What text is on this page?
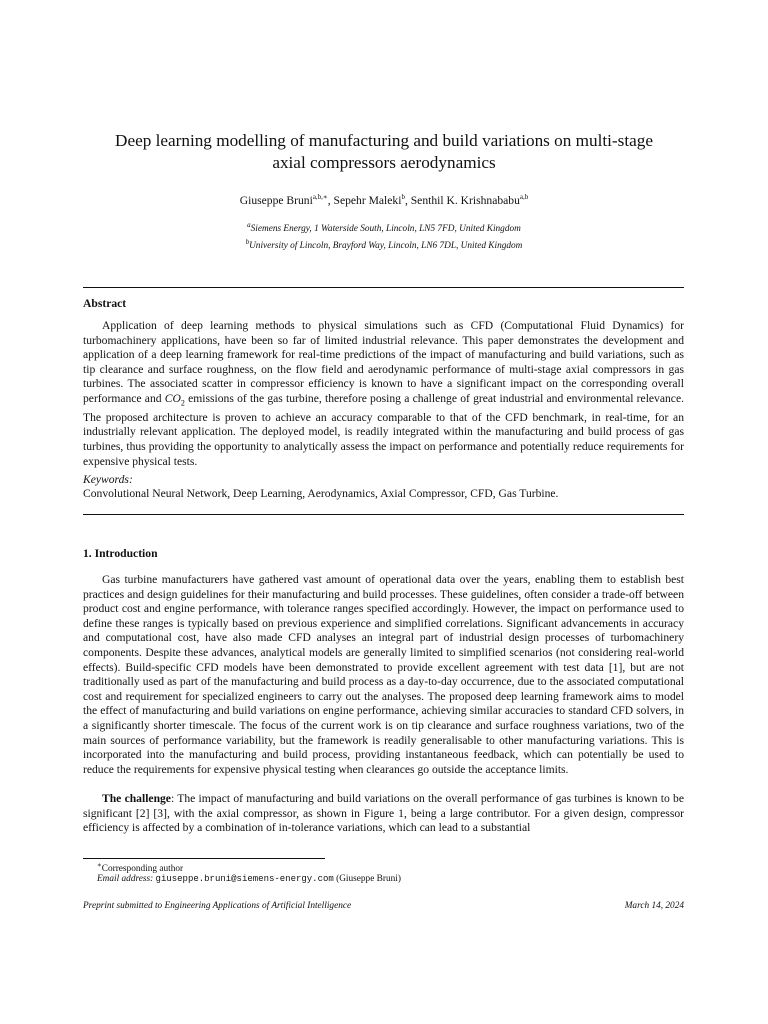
Deep learning modelling of manufacturing and build variations on multi-stage
axial compressors aerodynamics
Giuseppe Bruni$^{a,b,∗}$, Sepehr Maleki$^b$, Senthil K. Krishnababu$^{a,b}$
$^a$Siemens Energy, 1 Waterside South, Lincoln, LN5 7FD, United Kingdom
$^b$University of Lincoln, Brayford Way, Lincoln, LN6 7DL, United Kingdom
Abstract
Application of deep learning methods to physical simulations such as CFD (Computational Fluid Dynamics) for turbomachinery applications, have been so far of limited industrial relevance. This paper demonstrates the development and application of a deep learning framework for real-time predictions of the impact of manufacturing and build variations, such as tip clearance and surface roughness, on the flow field and aerodynamic performance of multi-stage axial compressors in gas turbines. The associated scatter in compressor efficiency is known to have a significant impact on the corresponding overall performance and $CO_2$ emissions of the gas turbine, therefore posing a challenge of great industrial and environmental relevance. The proposed architecture is proven to achieve an accuracy comparable to that of the CFD benchmark, in real-time, for an industrially relevant application. The deployed model, is readily integrated within the manufacturing and build process of gas turbines, thus providing the opportunity to analytically assess the impact on performance and potentially reduce requirements for expensive physical tests.
Keywords:
Convolutional Neural Network, Deep Learning, Aerodynamics, Axial Compressor, CFD, Gas Turbine.
1. Introduction
Gas turbine manufacturers have gathered vast amount of operational data over the years, enabling them to establish best practices and design guidelines for their manufacturing and build processes. These guidelines, often consider a trade-off between product cost and engine performance, with tolerance ranges specified accordingly. However, the impact on performance used to define these ranges is typically based on previous experience and simplified correlations. Significant advancements in accuracy and computational cost, have also made CFD analyses an integral part of industrial design processes of turbomachinery components. Despite these advances, analytical models are generally limited to simplified scenarios (not considering real-world effects). Build-specific CFD models have been demonstrated to provide excellent agreement with test data [1], but are not traditionally used as part of the manufacturing and build process as a day-to-day occurrence, due to the associated computational cost and requirement for specialized engineers to carry out the analyses. The proposed deep learning framework aims to model the effect of manufacturing and build variations on engine performance, achieving similar accuracies to standard CFD solvers, in a significantly shorter timescale. The focus of the current work is on tip clearance and surface roughness variations, two of the main sources of performance variability, but the framework is readily generalisable to other manufacturing variations. This is incorporated into the manufacturing and build process, providing instantaneous feedback, which can potentially be used to reduce the requirements for expensive physical testing when clearances go outside the acceptance limits.
The challenge: The impact of manufacturing and build variations on the overall performance of gas turbines is known to be significant [2] [3], with the axial compressor, as shown in Figure 1, being a large contributor. For a given design, compressor efficiency is affected by a combination of in-tolerance variations, which can lead to a substantial
∗Corresponding author
Email address: giuseppe.bruni@siemens-energy.com (Giuseppe Bruni)
Preprint submitted to Engineering Applications of Artificial Intelligence	March 14, 2024
